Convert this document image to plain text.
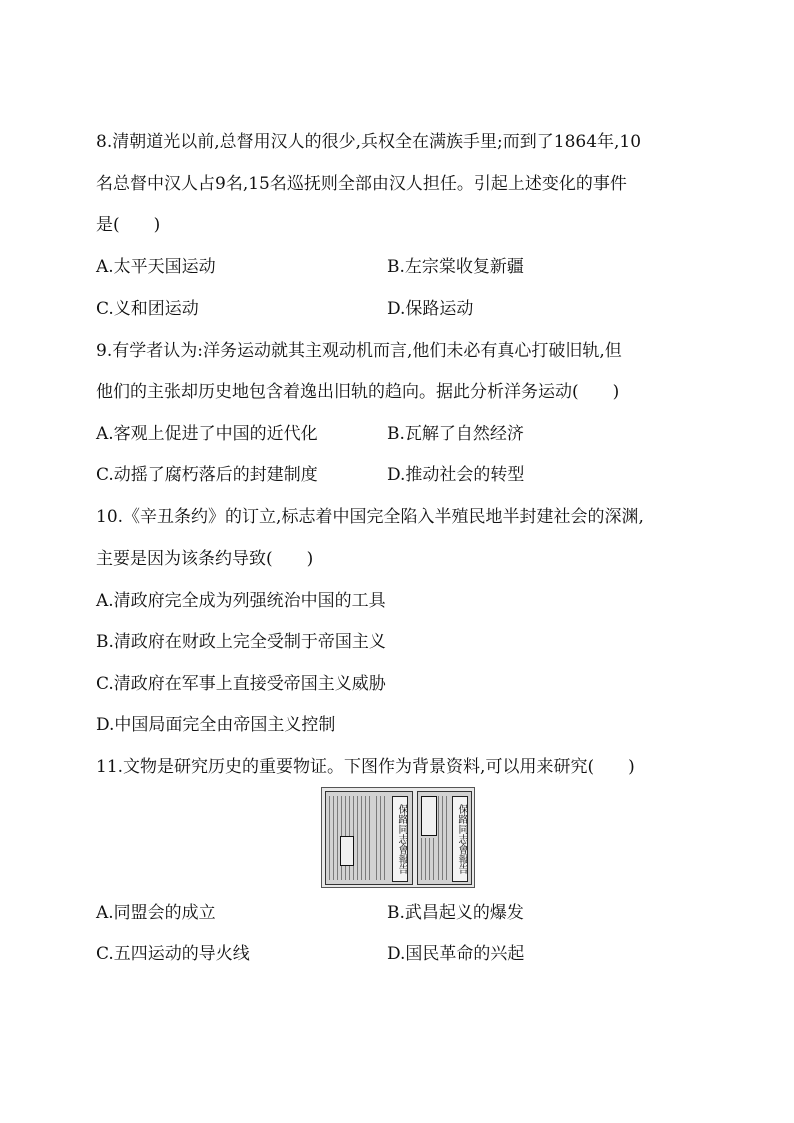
8.清朝道光以前,总督用汉人的很少,兵权全在满族手里;而到了1864年,10
名总督中汉人占9名,15名巡抚则全部由汉人担任。引起上述变化的事件
是(　　)
A.太平天国运动	B.左宗棠收复新疆
C.义和团运动	D.保路运动
9.有学者认为:洋务运动就其主观动机而言,他们未必有真心打破旧轨,但
他们的主张却历史地包含着逸出旧轨的趋向。据此分析洋务运动(　　)
A.客观上促进了中国的近代化	B.瓦解了自然经济
C.动摇了腐朽落后的封建制度	D.推动社会的转型
10.《辛丑条约》的订立,标志着中国完全陷入半殖民地半封建社会的深渊,
主要是因为该条约导致(　　)
A.清政府完全成为列强统治中国的工具
B.清政府在财政上完全受制于帝国主义
C.清政府在军事上直接受帝国主义威胁
D.中国局面完全由帝国主义控制
11.文物是研究历史的重要物证。下图作为背景资料,可以用来研究(　　)
保路同志會報告	保路同志會報告
A.同盟会的成立	B.武昌起义的爆发
C.五四运动的导火线	D.国民革命的兴起
